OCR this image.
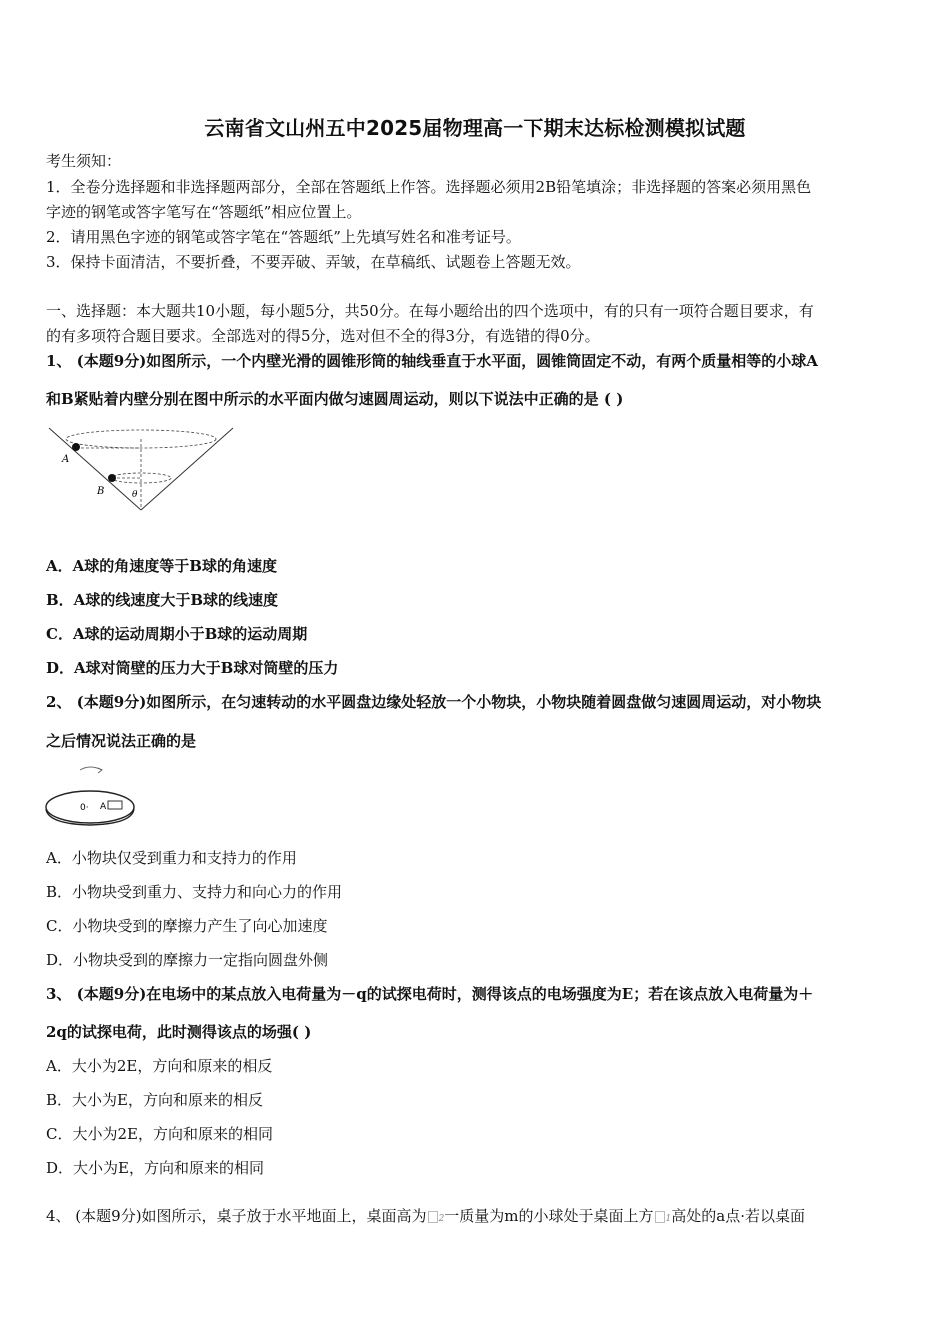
云南省文山州五中2025届物理高一下期末达标检测模拟试题
考生须知：
1．全卷分选择题和非选择题两部分，全部在答题纸上作答。选择题必须用2B铅笔填涂；非选择题的答案必须用黑色
字迹的钢笔或答字笔写在“答题纸”相应位置上。
2．请用黑色字迹的钢笔或答字笔在“答题纸”上先填写姓名和准考证号。
3．保持卡面清洁，不要折叠，不要弄破、弄皱，在草稿纸、试题卷上答题无效。
一、选择题：本大题共10小题，每小题5分，共50分。在每小题给出的四个选项中，有的只有一项符合题目要求，有
的有多项符合题目要求。全部选对的得5分，选对但不全的得3分，有选错的得0分。
1、 (本题9分)如图所示，一个内壁光滑的圆锥形筒的轴线垂直于水平面，圆锥筒固定不动，有两个质量相等的小球A
和B紧贴着内壁分别在图中所示的水平面内做匀速圆周运动，则以下说法中正确的是 ( )
A
B	θ
A．A球的角速度等于B球的角速度
B．A球的线速度大于B球的线速度
C．A球的运动周期小于B球的运动周期
D．A球对筒壁的压力大于B球对筒壁的压力
2、 (本题9分)如图所示，在匀速转动的水平圆盘边缘处轻放一个小物块，小物块随着圆盘做匀速圆周运动，对小物块
之后情况说法正确的是
0· A
A．小物块仅受到重力和支持力的作用
B．小物块受到重力、支持力和向心力的作用
C．小物块受到的摩擦力产生了向心加速度
D．小物块受到的摩擦力一定指向圆盘外侧
3、 (本题9分)在电场中的某点放入电荷量为－q的试探电荷时，测得该点的电场强度为E；若在该点放入电荷量为＋
2q的试探电荷，此时测得该点的场强( )
A．大小为2E，方向和原来的相反
B．大小为E，方向和原来的相反
C．大小为2E，方向和原来的相同
D．大小为E，方向和原来的相同
4、 (本题9分)如图所示，桌子放于水平地面上，桌面高为 2一质量为m的小球处于桌面上方 1高处的a点·若以桌面
